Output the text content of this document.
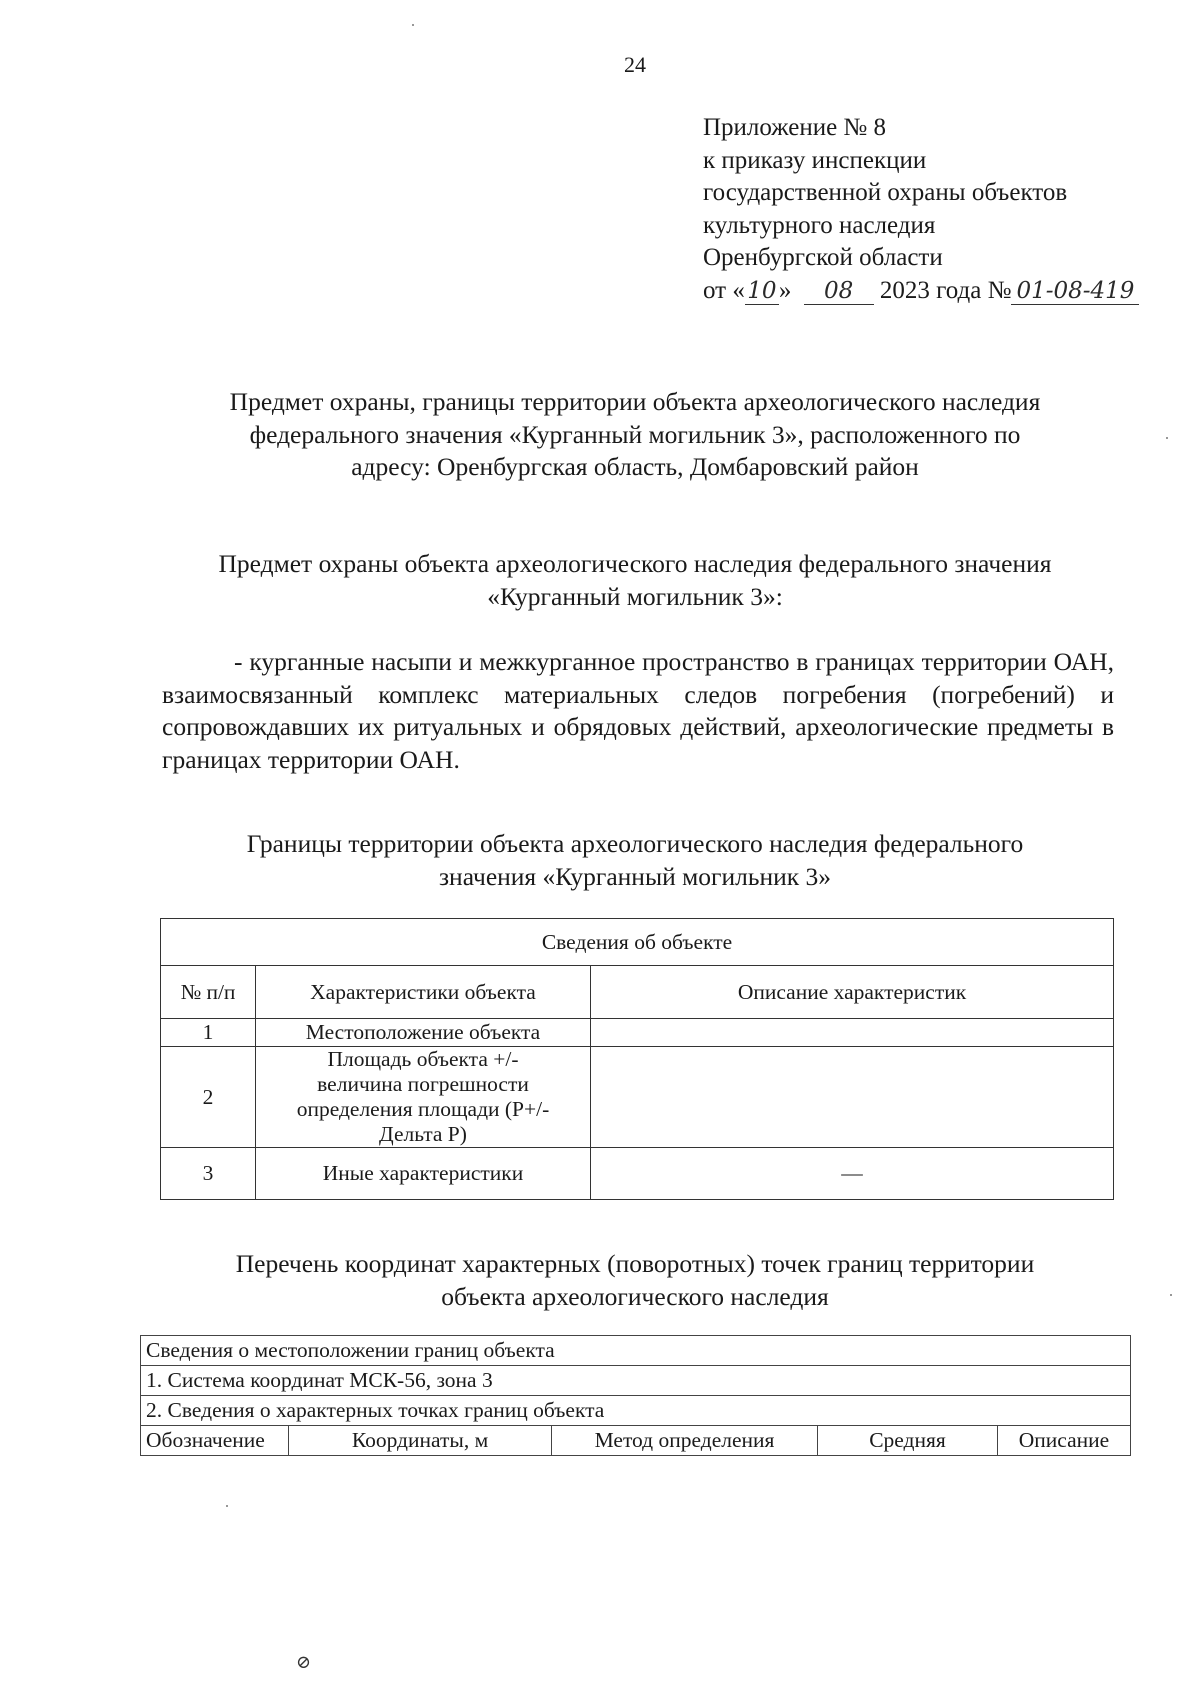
24
Приложение № 8
к приказу инспекции
государственной охраны объектов
культурного наследия
Оренбургской области
от « 10» 08 2023 года № 01-08-419
Предмет охраны, границы территории объекта археологического наследия
федерального значения «Курганный могильник 3», расположенного по
адресу: Оренбургская область, Домбаровский район
Предмет охраны объекта археологического наследия федерального значения
«Курганный могильник 3»:
- курганные насыпи и межкурганное пространство в границах территории ОАН, взаимосвязанный комплекс материальных следов погребения (погребений) и сопровождавших их ритуальных и обрядовых действий, археологические предметы в границах территории ОАН.
Границы территории объекта археологического наследия федерального
значения «Курганный могильник 3»
Сведения об объекте		
№ п/п	Характеристики объекта	Описание характеристик
1	Местоположение объекта	
2	Площадь объекта +/- величина погрешности определения площади (Р+/- Дельта Р)	
3	Иные характеристики	—
Перечень координат характерных (поворотных) точек границ территории
объекта археологического наследия
Сведения о местоположении границ объекта
1. Система координат МСК-56, зона 3
2. Сведения о характерных точках границ объекта
Обозначение	Координаты, м	Метод определения	Средняя	Описание
⊘
